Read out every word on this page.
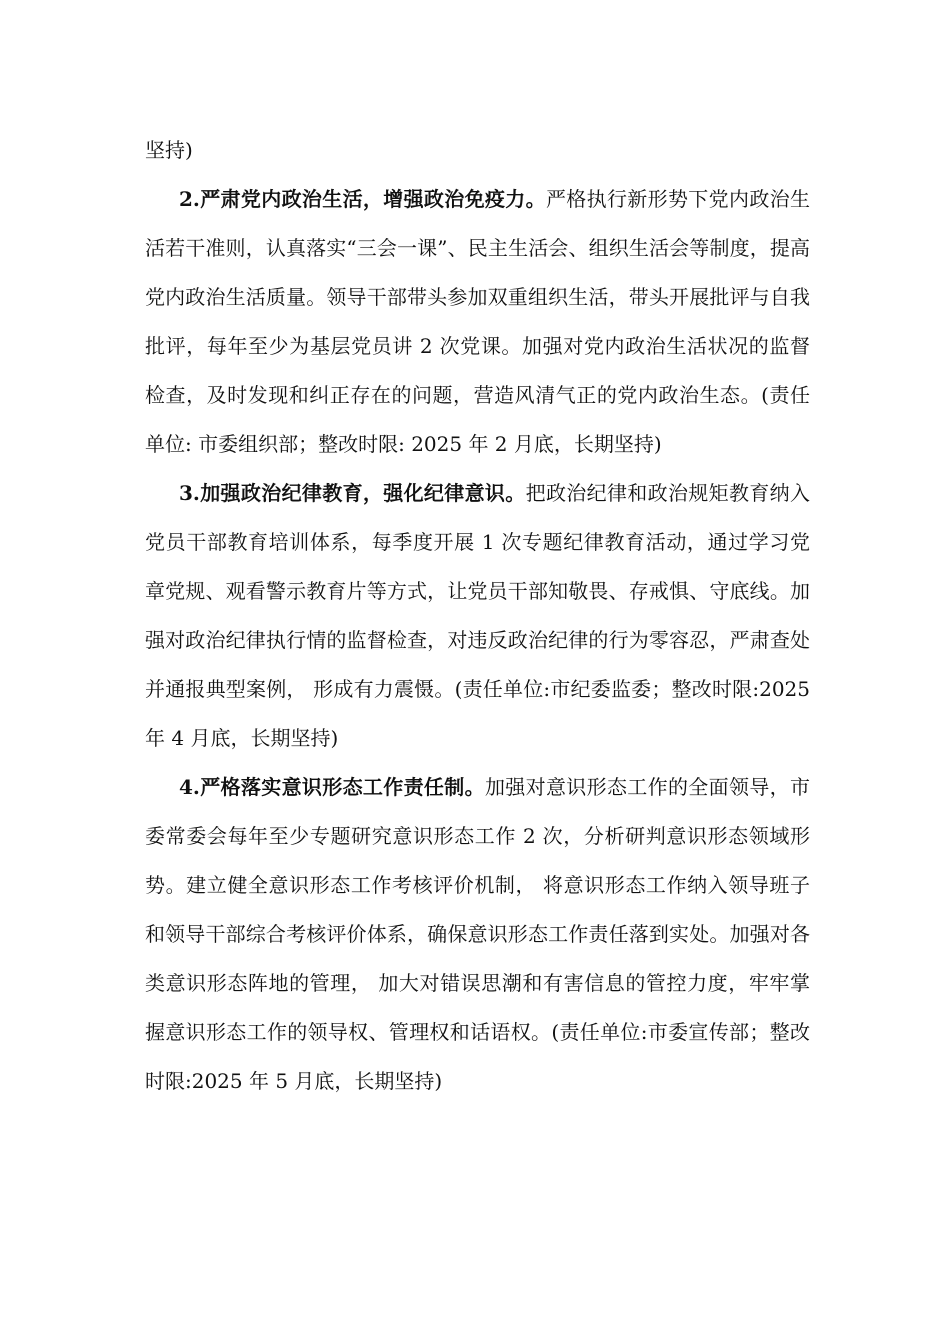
坚持)

2.严肃党内政治生活，增强政治免疫力。严格执行新形势下党内政治生活若干准则，认真落实“三会一课”、民主生活会、组织生活会等制度，提高党内政治生活质量。领导干部带头参加双重组织生活，带头开展批评与自我批评，每年至少为基层党员讲 2 次党课。加强对党内政治生活状况的监督检查，及时发现和纠正存在的问题，营造风清气正的党内政治生态。(责任单位: 市委组织部；整改时限: 2025 年 2 月底，长期坚持)

3.加强政治纪律教育，强化纪律意识。把政治纪律和政治规矩教育纳入党员干部教育培训体系，每季度开展 1 次专题纪律教育活动，通过学习党章党规、观看警示教育片等方式，让党员干部知敬畏、存戒惧、守底线。加强对政治纪律执行情的监督检查，对违反政治纪律的行为零容忍，严肃查处并通报典型案例， 形成有力震慑。(责任单位:市纪委监委；整改时限:2025 年 4 月底，长期坚持)

4.严格落实意识形态工作责任制。加强对意识形态工作的全面领导，市委常委会每年至少专题研究意识形态工作 2 次，分析研判意识形态领域形势。建立健全意识形态工作考核评价机制， 将意识形态工作纳入领导班子和领导干部综合考核评价体系，确保意识形态工作责任落到实处。加强对各类意识形态阵地的管理， 加大对错误思潮和有害信息的管控力度，牢牢掌握意识形态工作的领导权、管理权和话语权。(责任单位:市委宣传部；整改时限:2025 年 5 月底，长期坚持)
